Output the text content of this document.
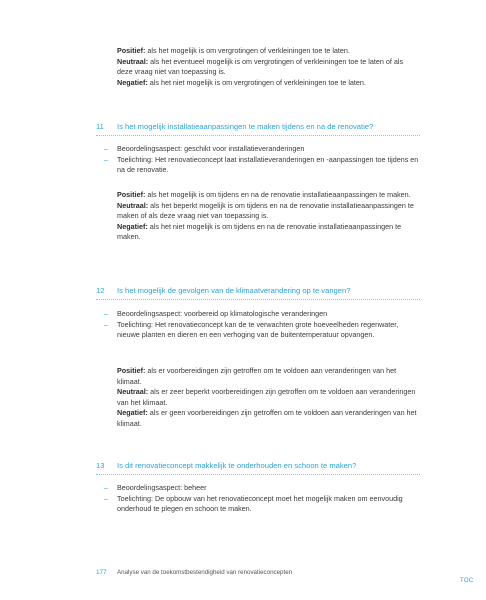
Positief: als het mogelijk is om vergrotingen of verkleiningen toe te laten.
Neutraal: als het eventueel mogelijk is om vergrotingen of verkleiningen toe te laten of als deze vraag niet van toepassing is.
Negatief: als het niet mogelijk is om vergrotingen of verkleiningen toe te laten.
11 Is het mogelijk installatieaanpassingen te maken tijdens en na de renovatie?
– Beoordelingsaspect: geschikt voor installatieveranderingen
– Toelichting: Het renovatieconcept laat installatieveranderingen en -aanpassingen toe tijdens en na de renovatie.
Positief: als het mogelijk is om tijdens en na de renovatie installatieaanpassingen te maken.
Neutraal: als het beperkt mogelijk is om tijdens en na de renovatie installatieaanpassingen te maken of als deze vraag niet van toepassing is.
Negatief: als het niet mogelijk is om tijdens en na de renovatie installatieaanpassingen te maken.
12 Is het mogelijk de gevolgen van de klimaatverandering op te vangen?
– Beoordelingsaspect: voorbereid op klimatologische veranderingen
– Toelichting: Het renovatieconcept kan de te verwachten grote hoeveelheden regenwater, nieuwe planten en dieren en een verhoging van de buitentemperatuur opvangen.
Positief: als er voorbereidingen zijn getroffen om te voldoen aan veranderingen van het klimaat.
Neutraal: als er zeer beperkt voorbereidingen zijn getroffen om te voldoen aan veranderingen van het klimaat.
Negatief: als er geen voorbereidingen zijn getroffen om te voldoen aan veranderingen van het klimaat.
13 Is dit renovatieconcept makkelijk te onderhouden en schoon te maken?
– Beoordelingsaspect: beheer
– Toelichting: De opbouw van het renovatieconcept moet het mogelijk maken om eenvoudig onderhoud te plegen en schoon te maken.
177 Analyse van de toekomstbestendigheid van renovatieconcepten
TOC
